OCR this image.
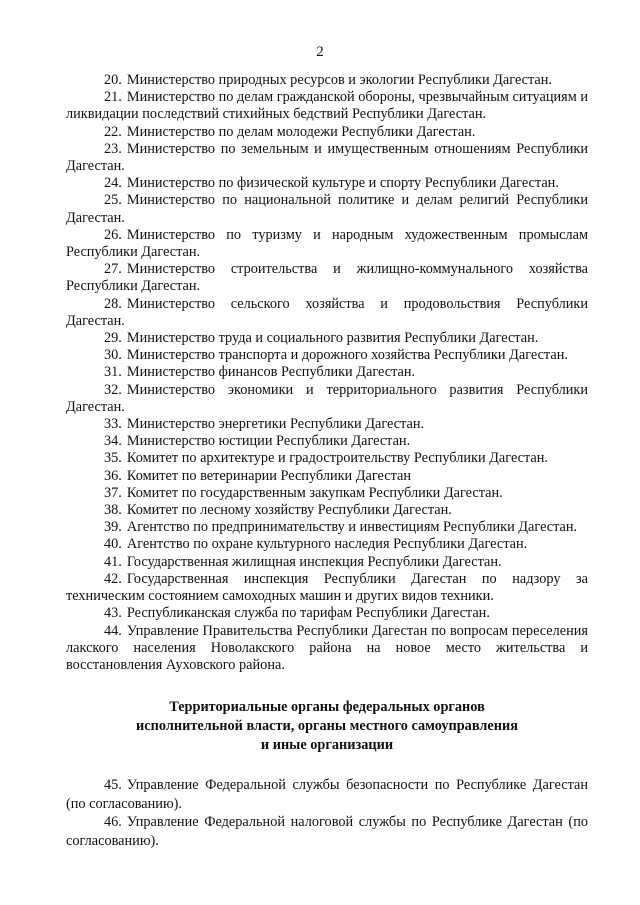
2

20. Министерство природных ресурсов и экологии Республики Дагестан.

21. Министерство по делам гражданской обороны, чрезвычайным ситуациям и ликвидации последствий стихийных бедствий Республики Дагестан.

22. Министерство по делам молодежи Республики Дагестан.

23. Министерство по земельным и имущественным отношениям Республики Дагестан.

24. Министерство по физической культуре и спорту Республики Дагестан.

25. Министерство по национальной политике и делам религий Республики Дагестан.

26. Министерство по туризму и народным художественным промыслам Республики Дагестан.

27. Министерство строительства и жилищно-коммунального хозяйства Республики Дагестан.

28. Министерство сельского хозяйства и продовольствия Республики Дагестан.

29. Министерство труда и социального развития Республики Дагестан.

30. Министерство транспорта и дорожного хозяйства Республики Дагестан.

31. Министерство финансов Республики Дагестан.

32. Министерство экономики и территориального развития Республики Дагестан.

33. Министерство энергетики Республики Дагестан.

34. Министерство юстиции Республики Дагестан.

35. Комитет по архитектуре и градостроительству Республики Дагестан.

36. Комитет по ветеринарии Республики Дагестан

37. Комитет по государственным закупкам Республики Дагестан.

38. Комитет по лесному хозяйству Республики Дагестан.

39. Агентство по предпринимательству и инвестициям Республики Дагестан.

40. Агентство по охране культурного наследия Республики Дагестан.

41. Государственная жилищная инспекция Республики Дагестан.

42. Государственная инспекция Республики Дагестан по надзору за техническим состоянием самоходных машин и других видов техники.

43. Республиканская служба по тарифам Республики Дагестан.

44. Управление Правительства Республики Дагестан по вопросам переселения лакского населения Новолакского района на новое место жительства и восстановления Ауховского района.

Территориальные органы федеральных органов
исполнительной власти, органы местного самоуправления
и иные организации

45. Управление Федеральной службы безопасности по Республике Дагестан (по согласованию).

46. Управление Федеральной налоговой службы по Республике Дагестан (по согласованию).
